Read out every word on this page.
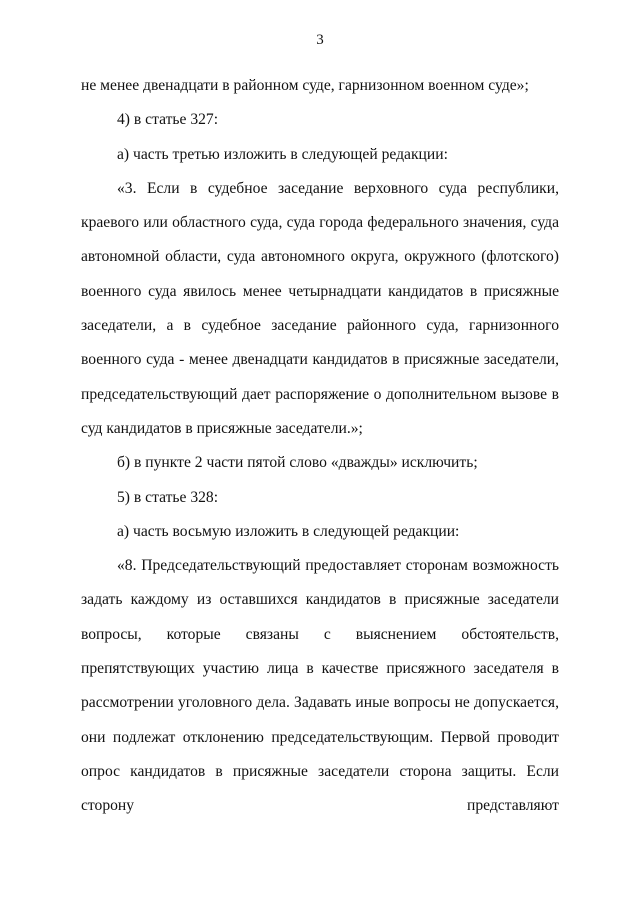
3

не менее двенадцати в районном суде, гарнизонном военном суде»;

4) в статье 327:

а) часть третью изложить в следующей редакции:

«3. Если в судебное заседание верховного суда республики, краевого или областного суда, суда города федерального значения, суда автономной области, суда автономного округа, окружного (флотского) военного суда явилось менее четырнадцати кандидатов в присяжные заседатели, а в судебное заседание районного суда, гарнизонного военного суда - менее двенадцати кандидатов в присяжные заседатели, председательствующий дает распоряжение о дополнительном вызове в суд кандидатов в присяжные заседатели.»;

б) в пункте 2 части пятой слово «дважды» исключить;

5) в статье 328:

а) часть восьмую изложить в следующей редакции:

«8. Председательствующий предоставляет сторонам возможность задать каждому из оставшихся кандидатов в присяжные заседатели вопросы, которые связаны с выяснением обстоятельств, препятствующих участию лица в качестве присяжного заседателя в рассмотрении уголовного дела. Задавать иные вопросы не допускается, они подлежат отклонению председательствующим. Первой проводит опрос кандидатов в присяжные заседатели сторона защиты. Если сторону представляют
